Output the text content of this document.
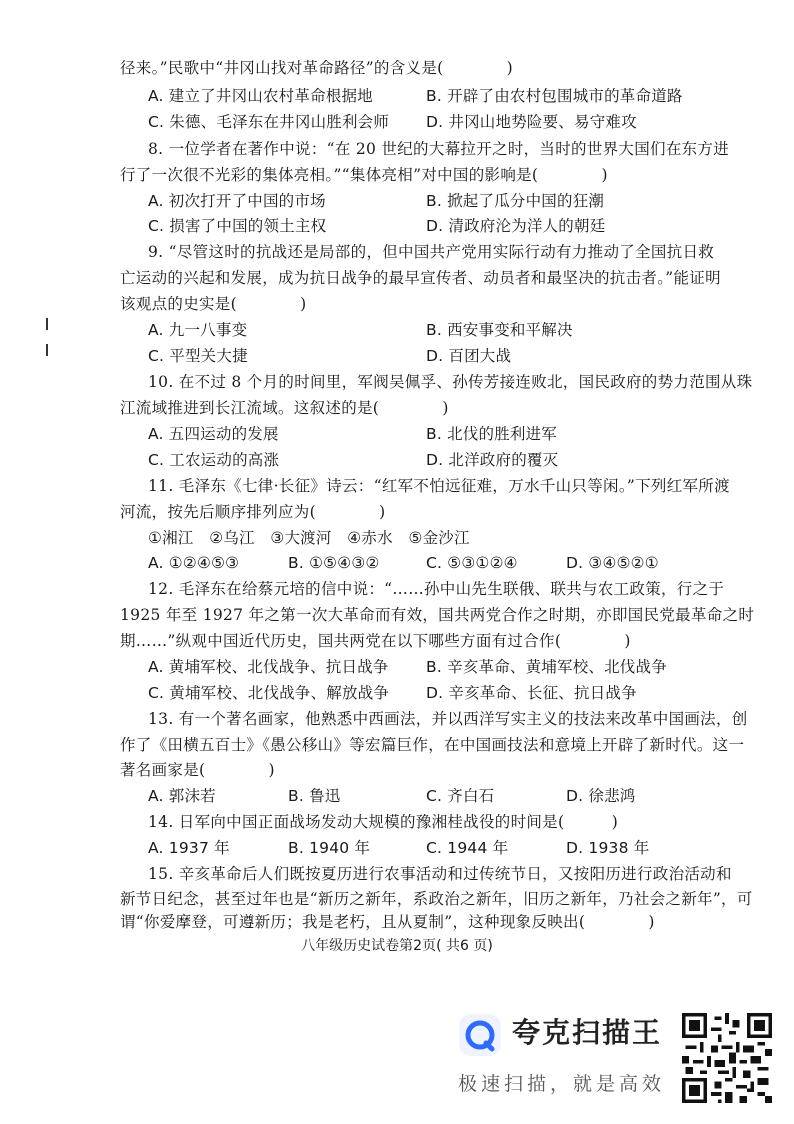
径来。”民歌中“井冈山找对革命路径”的含义是(　　　　)
A. 建立了井冈山农村革命根据地	B. 开辟了由农村包围城市的革命道路
C. 朱德、毛泽东在井冈山胜利会师 D. 井冈山地势险要、易守难攻
8. 一位学者在著作中说：“在 20 世纪的大幕拉开之时，当时的世界大国们在东方进
行了一次很不光彩的集体亮相。”“集体亮相”对中国的影响是(　　　　)
A. 初次打开了中国的市场	B. 掀起了瓜分中国的狂潮
C. 损害了中国的领土主权	D. 清政府沦为洋人的朝廷
9. “尽管这时的抗战还是局部的，但中国共产党用实际行动有力推动了全国抗日救
亡运动的兴起和发展，成为抗日战争的最早宣传者、动员者和最坚决的抗击者。”能证明
该观点的史实是(　　　　)
A. 九一八事变	B. 西安事变和平解决
C. 平型关大捷	D. 百团大战
10. 在不过 8 个月的时间里，军阀吴佩孚、孙传芳接连败北，国民政府的势力范围从珠
江流域推进到长江流域。这叙述的是(　　　　)
A. 五四运动的发展	B. 北伐的胜利进军
C. 工农运动的高涨	D. 北洋政府的覆灭
11. 毛泽东《七律·长征》诗云：“红军不怕远征难，万水千山只等闲。”下列红军所渡
河流，按先后顺序排列应为(　　　　)
①湘江　②乌江　③大渡河　④赤水　⑤金沙江
A. ①②④⑤③	B. ①⑤④③②	C. ⑤③①②④	D. ③④⑤②①
12. 毛泽东在给蔡元培的信中说：“……孙中山先生联俄、联共与农工政策，行之于
1925 年至 1927 年之第一次大革命而有效，国共两党合作之时期，亦即国民党最革命之时
期……”纵观中国近代历史，国共两党在以下哪些方面有过合作(　　　　)
A. 黄埔军校、北伐战争、抗日战争 B. 辛亥革命、黄埔军校、北伐战争
C. 黄埔军校、北伐战争、解放战争 D. 辛亥革命、长征、抗日战争
13. 有一个著名画家，他熟悉中西画法，并以西洋写实主义的技法来改革中国画法，创
作了《田横五百士》《愚公移山》等宏篇巨作，在中国画技法和意境上开辟了新时代。这一
著名画家是(　　　　)
A. 郭沫若	B. 鲁迅	C. 齐白石	D. 徐悲鸿
14. 日军向中国正面战场发动大规模的豫湘桂战役的时间是(　　　)
A. 1937 年	B. 1940 年	C. 1944 年	D. 1938 年
15. 辛亥革命后人们既按夏历进行农事活动和过传统节日，又按阳历进行政治活动和
新节日纪念，甚至过年也是“新历之新年，系政治之新年，旧历之新年，乃社会之新年”，可
谓“你爱摩登，可遵新历；我是老朽，且从夏制”，这种现象反映出(　　　　)
八年级历史试卷第2页( 共6 页)
夸克扫描王
极速扫描，就是高效
